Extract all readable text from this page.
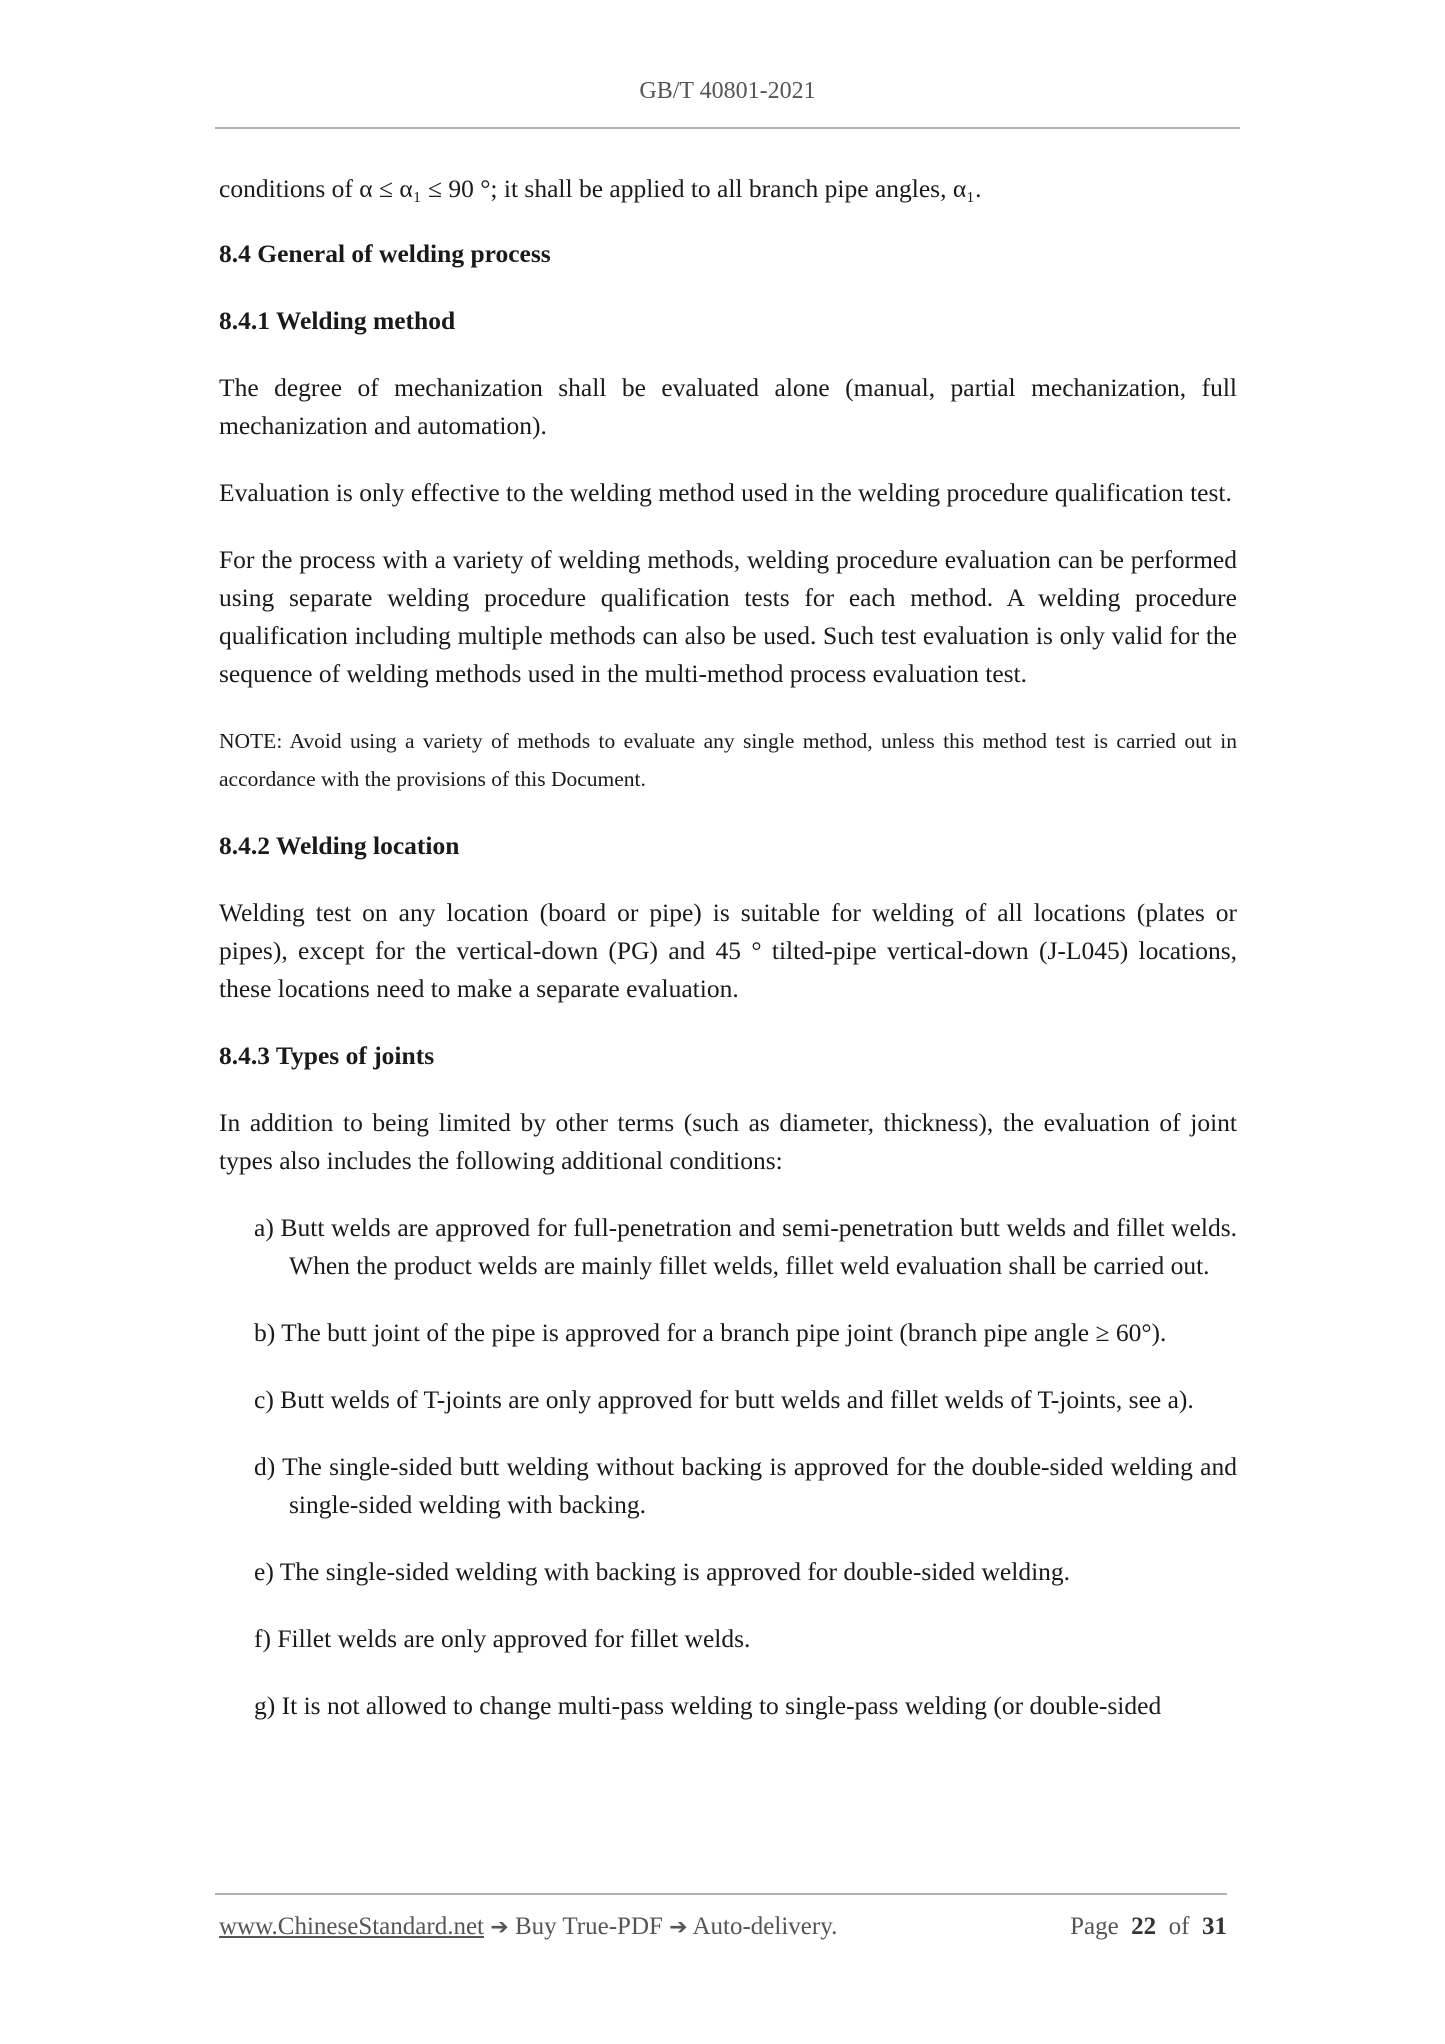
GB/T 40801-2021

conditions of α ≤ α₁ ≤ 90 °; it shall be applied to all branch pipe angles, α₁.

8.4 General of welding process
8.4.1 Welding method

The degree of mechanization shall be evaluated alone (manual, partial mechanization, full mechanization and automation).

Evaluation is only effective to the welding method used in the welding procedure qualification test.

For the process with a variety of welding methods, welding procedure evaluation can be performed using separate welding procedure qualification tests for each method. A welding procedure qualification including multiple methods can also be used. Such test evaluation is only valid for the sequence of welding methods used in the multi-method process evaluation test.

NOTE: Avoid using a variety of methods to evaluate any single method, unless this method test is carried out in accordance with the provisions of this Document.

8.4.2 Welding location

Welding test on any location (board or pipe) is suitable for welding of all locations (plates or pipes), except for the vertical-down (PG) and 45 ° tilted-pipe vertical-down (J-L045) locations, these locations need to make a separate evaluation.

8.4.3 Types of joints

In addition to being limited by other terms (such as diameter, thickness), the evaluation of joint types also includes the following additional conditions:

a) Butt welds are approved for full-penetration and semi-penetration butt welds and fillet welds. When the product welds are mainly fillet welds, fillet weld evaluation shall be carried out.
b) The butt joint of the pipe is approved for a branch pipe joint (branch pipe angle ≥ 60°).
c) Butt welds of T-joints are only approved for butt welds and fillet welds of T-joints, see a).
d) The single-sided butt welding without backing is approved for the double-sided welding and single-sided welding with backing.
e) The single-sided welding with backing is approved for double-sided welding.
f) Fillet welds are only approved for fillet welds.
g) It is not allowed to change multi-pass welding to single-pass welding (or double-sided
www.ChineseStandard.net ➔ Buy True-PDF ➔ Auto-delivery.	Page 22 of 31
